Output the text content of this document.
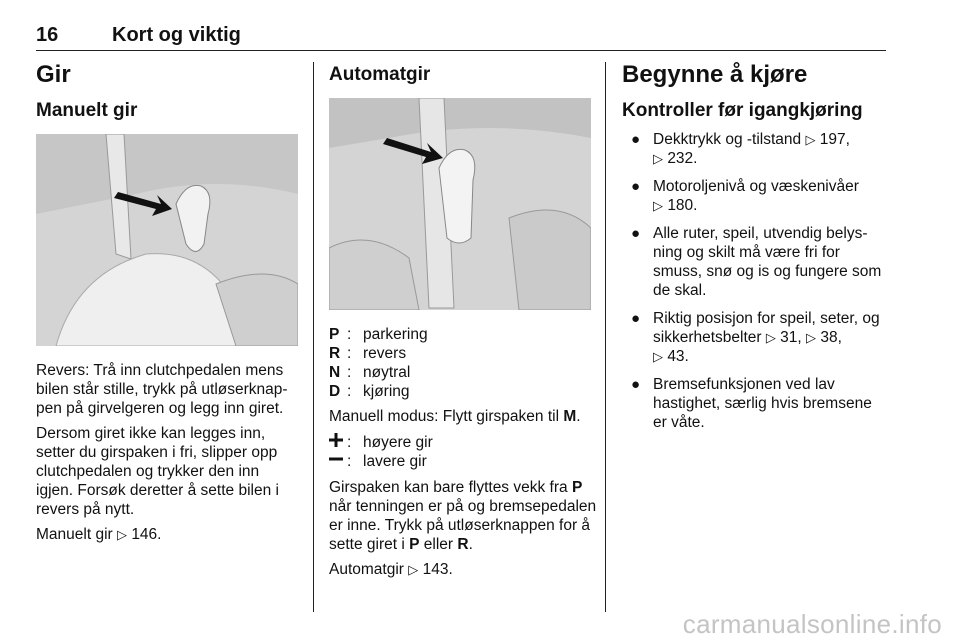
16	Kort og viktig
Gir
Manuelt gir

Revers: Trå inn clutchpedalen mens bilen står stille, trykk på utløserknappen på girvelgeren og legg inn giret.

Dersom giret ikke kan legges inn, setter du girspaken i fri, slipper opp clutchpedalen og trykker den inn igjen. Forsøk deretter å sette bilen i revers på nytt.

Manuelt gir ▷ 146.

Automatgir
P : parkering
R : revers
N : nøytral
D : kjøring

Manuell modus: Flytt girspaken til M.

: høyere gir
: lavere gir

Girspaken kan bare flyttes vekk fra P når tenningen er på og bremsepedalen er inne. Trykk på utløserknappen for å sette giret i P eller R.

Automatgir ▷ 143.

Begynne å kjøre
Kontroller før igangkjøring
● Dekktrykk og -tilstand ▷ 197,
▷ 232.
● Motoroljenivå og væskenivåer
▷ 180.
● Alle ruter, speil, utvendig belysning og skilt må være fri for smuss, snø og is og fungere som de skal.
● Riktig posisjon for speil, seter, og sikkerhetsbelter ▷ 31, ▷ 38,
▷ 43.
● Bremsefunksjonen ved lav hastighet, særlig hvis bremsene er våte.
carmanualsonline.info
